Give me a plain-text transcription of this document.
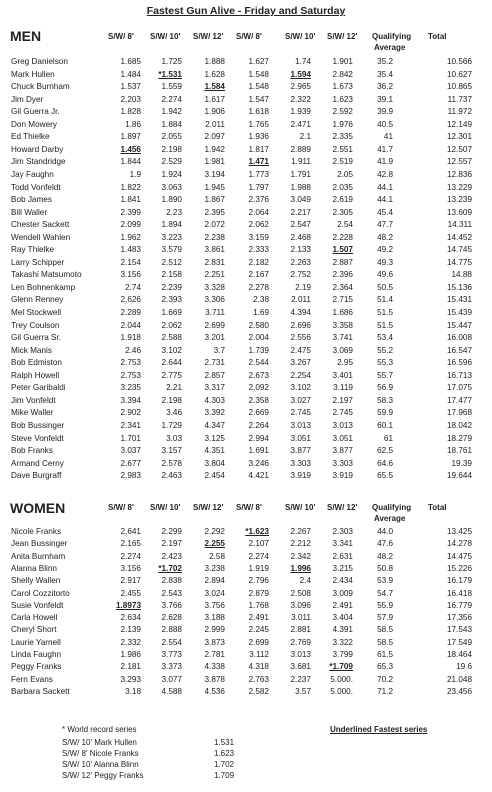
Fastest Gun Alive - Friday and Saturday
MEN	S/W/ 8' S/W/ 10' S/W/ 12' S/W/ 8'	S/W/ 10' S/W/ 12' Qualifying Total
Average
Greg Danielson	1.685	1.725	1.888	1.627	1.74	1.901	35.2	10.566
Mark Hullen	1.484	*1.531	1.628	1.548	1.594	2.842	35.4	10.627
Chuck Burnham	1.537	1.559	1.584	1.548	2.965	1.673	36.2	10.865
Jim Dyer	2.203	2.274	1.617	1.547	2.322	1.623	39.1	11.737
Gil Guerra Jr.	1.828	1.942	1.906	1.618	1.939	2.592	39.9	11.972
Don Mowery	1.86	1.884	2.011	1.765	2.471	1.976	40.5	12.149
Ed Thielke	1.897	2.055	2.097	1.936	2.1	2.335	41	12.301
Howard Darby	1.456	2.198	1.942	1.817	2.889	2.551	41.7	12.507
Jim Standridge	1.844	2.529	1.981	1.471	1.911	2.519	41.9	12.557
Jay Faughn	1.9	1.924	3.194	1.773	1.791	2.05	42.8	12.836
Todd Vonfeldt	1.822	3.063	1.945	1.797	1.988	2.035	44.1	13.229
Bob James	1.841	1.890	1.867	2.376	3.049	2.619	44.1	13.239
Bill Waller	2.399	2.23	2.395	2.064	2.217	2.305	45.4	13.609
Chester Sackett	2.099	1.894	2.072	2.062	2.547	2.54	47.7	14.311
Wendell Wahlen	1.962	3.223	2.238	3.159	2.468	2.228	48.2	14.452
Ray Thielke	1.483	3.579	3.861	2.333	2.133	1.507	49.2	14.745
Larry Schipper	2.154	2.512	2.831	2.182	2.263	2.887	49.3	14.775
Takashi Matsumoto	3.156	2.158	2.251	2.167	2.752	2.396	49.6	14.88
Len Bohnenkamp	2.74	2.239	3.328	2.278	2.19	2.364	50.5	15.136
Glenn Renney	2.626	2.393	3.306	2.38	2.011	2.715	51.4	15.431
Mel Stockwell	2.289	1.669	3.711	1.69	4.394	1.686	51.5	15.439
Trey Coulson	2.044	2.062	2.699	2.580	2.696	3.358	51.5	15.447
Gil Guerra Sr.	1.918	2.588	3.201	2.004	2.556	3.741	53.4	16.008
Mick Manis	2.46	3.102	3.7	1.739	2.475	3.069	55.2	16.547
Bob Edmiston	2.753	2.644	2.731	2.544	3.267	2.95	55.3	16.596
Ralph Howell	2.753	2.775	2.857	2.673	2.254	3.401	55.7	16.713
Peter Garibaldi	3.235	2.21	3.317	2.092	3.102	3.119	56.9	17.075
Jim Vonfeldt	3.394	2.198	4.303	2.358	3.027	2.197	58.3	17.477
Mike Waller	2.902	3.46	3.392	2.669	2.745	2.745	59.9	17.968
Bob Bussinger	2.341	1.729	4.347	2.264	3.013	3.013	60.1	18.042
Steve Vonfeldt	1.701	3.03	3.125	2.994	3.051	3.051	61	18.279
Bob Franks	3.037	3.157	4.351	1.691	3.877	3.877	62.5	18.761
Armand Cerny	2.677	2.578	3.804	3.246	3.303	3.303	64.6	19.39
Dave Burgraff	2.983	2.463	2.454	4.421	3.919	3.919	65.5	19.644
WOMEN	S/W/ 8' S/W/ 10' S/W/ 12' S/W/ 8'	S/W/ 10' S/W/ 12' Qualifying Total
Average
Nicole Franks	2.641	2.299	2.292	*1.623	2.267	2.303	44.0	13.425
Jean Bussinger	2.165	2.197	2.255	2.107	2.212	3.341	47.6	14.278
Anita Burnham	2.274	2.423	2.58	2.274	2.342	2.631	48.2	14.475
Alanna Blinn	3.156	*1.702	3.238	1.919	1.996	3.215	50.8	15.226
Shelly Wallen	2.917	2.838	2.894	2.796	2.4	2.434	53.9	16.179
Carol Cozzitorto	2.455	2.543	3.024	2.879	2.508	3.009	54.7	16.418
Susie Vonfeldt	1.8973	3.766	3.756	1.768	3.096	2.491	55.9	16.779
Carla Howell	2.634	2.628	3.188	2.491	3.011	3.404	57.9	17.356
Cheryl Short	2.139	2.888	2.999	2.245	2.881	4.391	58.5	17.543
Laurie Yarnell	2.332	2.554	3.873	2.699	2.769	3.322	58.5	17.549
Linda Faughn	1.986	3.773	2.781	3.112	3.013	3.799	61.5	18.464
Peggy Franks	2.181	3.373	4.338	4.318	3.681	*1.709	65.3	19.6
Fern Evans	3.293	3.077	3.878	2.763	2.237	5.000.	70.2	21.048
Barbara Sackett	3.18	4.588	4.536	2.582	3.57	5.000.	71.2	23.456
* World record series	Underlined Fastest series
S/W/ 10' Mark Hullen	1.531
S/W/ 8' Nicole Franks	1.623
S/W/ 10' Alanna Blinn	1.702
S/W/ 12' Peggy Franks	1.709
